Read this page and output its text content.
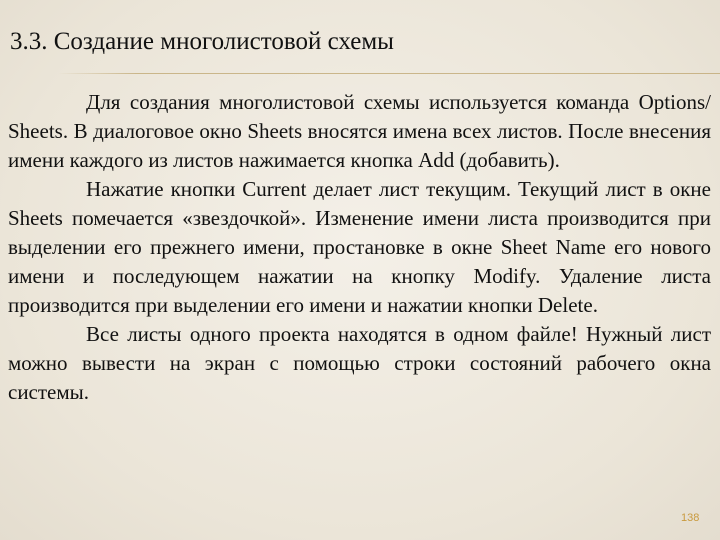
3.3. Создание многолистовой схемы

Для создания многолистовой схемы используется команда Options/ Sheets. В диалоговое окно Sheets вносятся имена всех листов. После внесения имени каждого из листов нажимается кнопка Add (добавить).

Нажатие кнопки Current делает лист текущим. Текущий лист в окне Sheets помечается «звездочкой». Изменение имени листа производится при выделении его прежнего имени, простановке в окне Sheet Name его нового имени и последующем нажатии на кнопку Modify. Удаление листа производится при выделении его имени и нажатии кнопки Delete.

Все листы одного проекта находятся в одном файле! Нужный лист можно вывести на экран с помощью строки состояний рабочего окна системы.

138
